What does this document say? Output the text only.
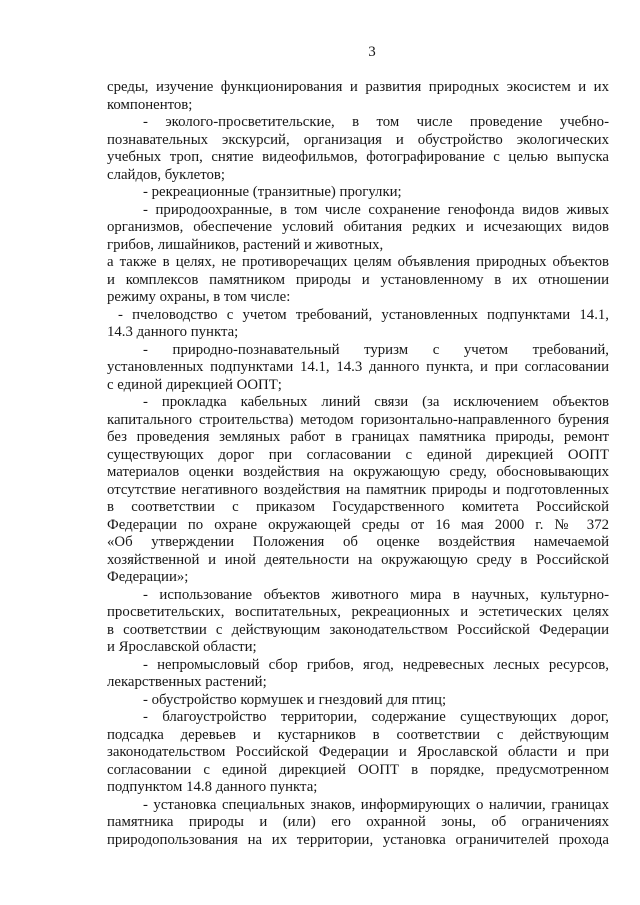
3
среды, изучение функционирования и развития природных экосистем и их
компонентов;
- эколого-просветительские, в том числе проведение учебно-
познавательных экскурсий, организация и обустройство экологических
учебных троп, снятие видеофильмов, фотографирование с целью выпуска
слайдов, буклетов;
- рекреационные (транзитные) прогулки;
- природоохранные, в том числе сохранение генофонда видов живых
организмов, обеспечение условий обитания редких и исчезающих видов
грибов, лишайников, растений и животных,
а также в целях, не противоречащих целям объявления природных объектов
и комплексов памятником природы и установленному в их отношении
режиму охраны, в том числе:
- пчеловодство с учетом требований, установленных подпунктами 14.1,
14.3 данного пункта;
- природно-познавательный туризм с учетом требований,
установленных подпунктами 14.1, 14.3 данного пункта, и при согласовании
с единой дирекцией ООПТ;
- прокладка кабельных линий связи (за исключением объектов
капитального строительства) методом горизонтально-направленного бурения
без проведения земляных работ в границах памятника природы, ремонт
существующих дорог при согласовании с единой дирекцией ООПТ
материалов оценки воздействия на окружающую среду, обосновывающих
отсутствие негативного воздействия на памятник природы и подготовленных
в соответствии с приказом Государственного комитета Российской
Федерации по охране окружающей среды от 16 мая 2000 г. № 372
«Об утверждении Положения об оценке воздействия намечаемой
хозяйственной и иной деятельности на окружающую среду в Российской
Федерации»;
- использование объектов животного мира в научных, культурно-
просветительских, воспитательных, рекреационных и эстетических целях
в соответствии с действующим законодательством Российской Федерации
и Ярославской области;
- непромысловый сбор грибов, ягод, недревесных лесных ресурсов,
лекарственных растений;
- обустройство кормушек и гнездовий для птиц;
- благоустройство территории, содержание существующих дорог,
подсадка деревьев и кустарников в соответствии с действующим
законодательством Российской Федерации и Ярославской области и при
согласовании с единой дирекцией ООПТ в порядке, предусмотренном
подпунктом 14.8 данного пункта;
- установка специальных знаков, информирующих о наличии, границах
памятника природы и (или) его охранной зоны, об ограничениях
природопользования на их территории, установка ограничителей прохода
